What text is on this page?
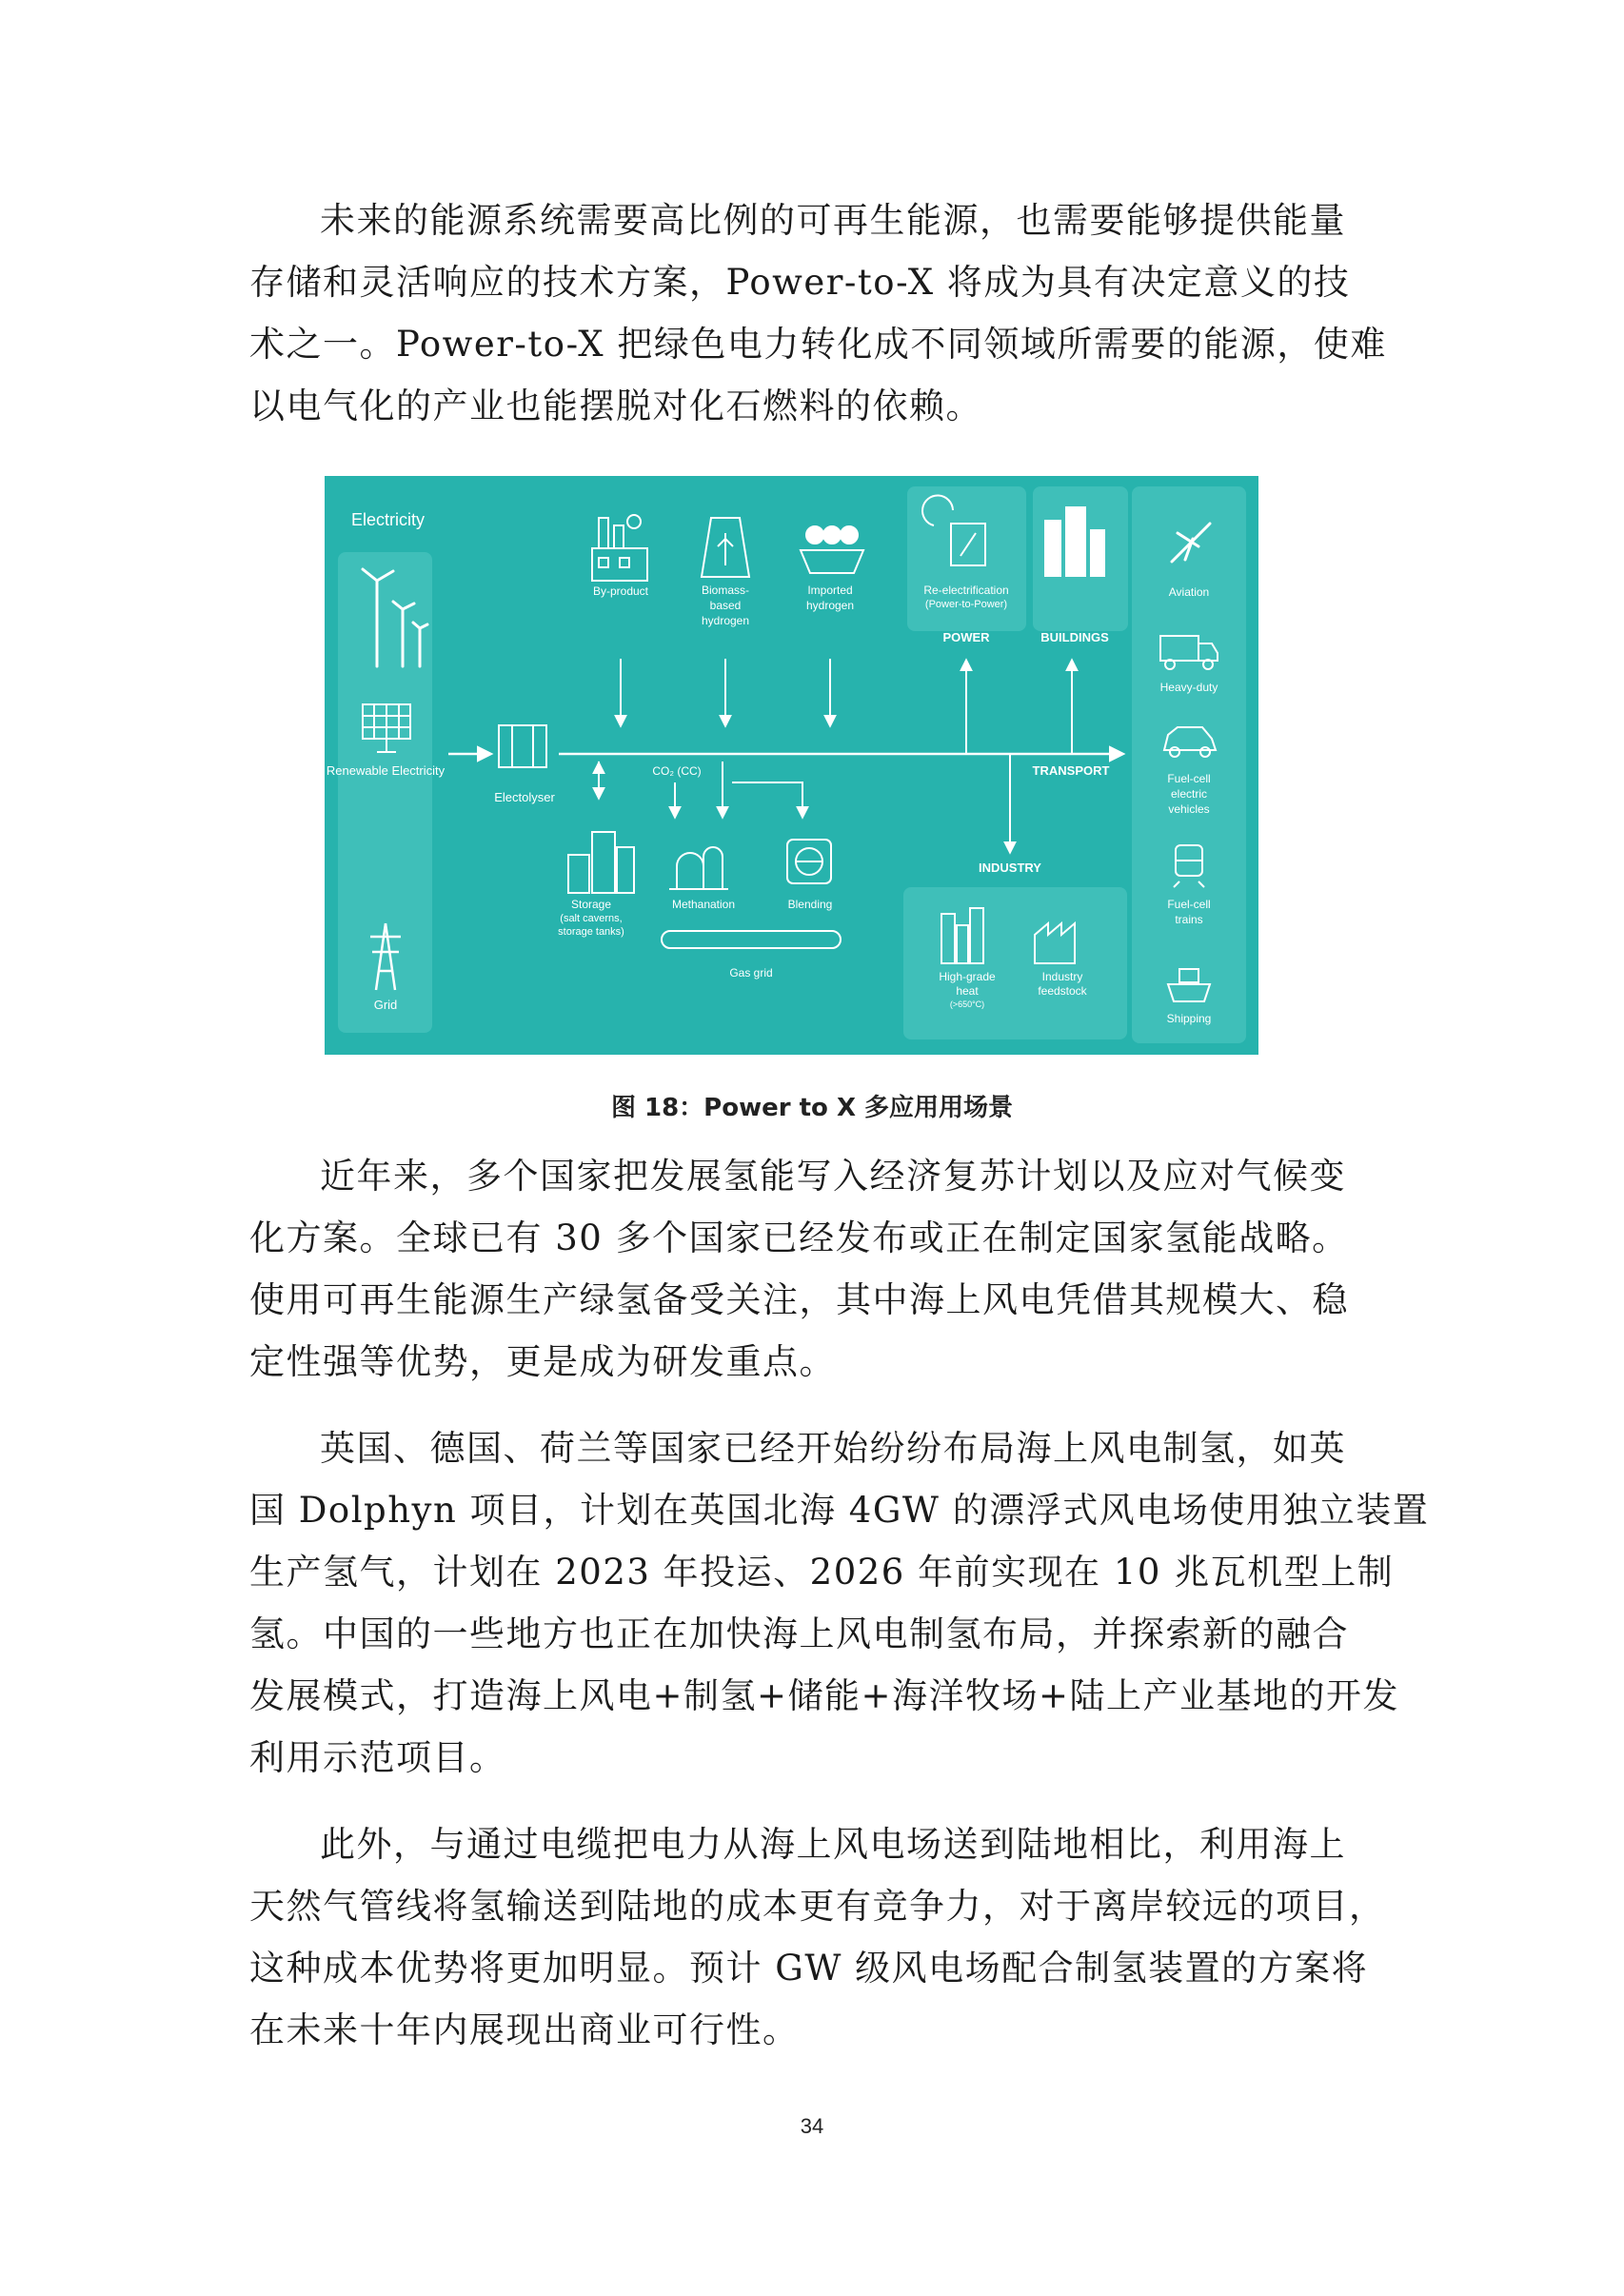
未来的能源系统需要高比例的可再生能源，也需要能够提供能量
存储和灵活响应的技术方案，Power-to-X 将成为具有决定意义的技
术之一。Power-to-X 把绿色电力转化成不同领域所需要的能源，使难
以电气化的产业也能摆脱对化石燃料的依赖。
Electricity
Renewable Electricity
Grid
Electolyser
CO₂ (CC)	TRANSPORT
By-product	Biomass-
based
hydrogen
Imported
hydrogen
Re-electrification
(Power-to-Power)
POWER	BUILDINGS
Storage
(salt caverns,
storage tanks)
Methanation	Blending
Gas grid
INDUSTRY
High-grade
heat
(>650°C)
Industry
feedstock
Aviation
Heavy-duty
Fuel-cell
electric
vehicles
Fuel-cell
trains
Shipping
图 18：Power to X 多应用用场景
近年来，多个国家把发展氢能写入经济复苏计划以及应对气候变
化方案。全球已有 30 多个国家已经发布或正在制定国家氢能战略。
使用可再生能源生产绿氢备受关注，其中海上风电凭借其规模大、稳
定性强等优势，更是成为研发重点。
英国、德国、荷兰等国家已经开始纷纷布局海上风电制氢，如英
国 Dolphyn 项目，计划在英国北海 4GW 的漂浮式风电场使用独立装置
生产氢气，计划在 2023 年投运、2026 年前实现在 10 兆瓦机型上制
氢。中国的一些地方也正在加快海上风电制氢布局，并探索新的融合
发展模式，打造海上风电+制氢+储能+海洋牧场+陆上产业基地的开发
利用示范项目。
此外，与通过电缆把电力从海上风电场送到陆地相比，利用海上
天然气管线将氢输送到陆地的成本更有竞争力，对于离岸较远的项目，
这种成本优势将更加明显。预计 GW 级风电场配合制氢装置的方案将
在未来十年内展现出商业可行性。
34
